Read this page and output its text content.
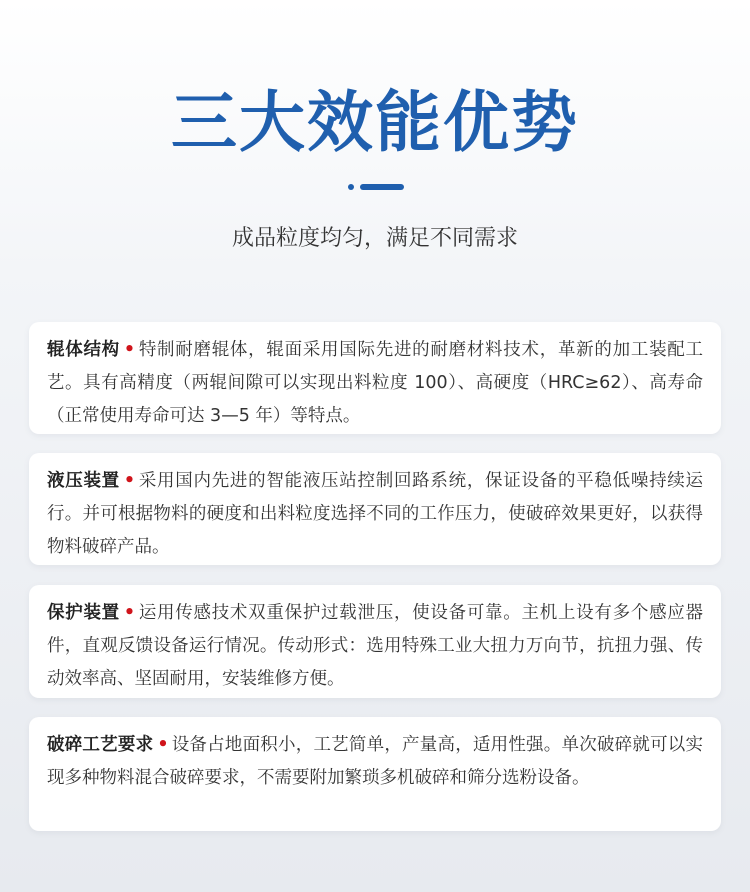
三大效能优势
成品粒度均匀，满足不同需求
辊体结构 • 特制耐磨辊体，辊面采用国际先进的耐磨材料技术，革新的加工装配工艺。具有高精度（两辊间隙可以实现出料粒度 100）、高硬度（HRC≥62）、高寿命（正常使用寿命可达 3—5 年）等特点。
液压装置 • 采用国内先进的智能液压站控制回路系统，保证设备的平稳低噪持续运行。并可根据物料的硬度和出料粒度选择不同的工作压力，使破碎效果更好，以获得物料破碎产品。
保护装置 • 运用传感技术双重保护过载泄压，使设备可靠。主机上设有多个感应器件，直观反馈设备运行情况。传动形式：选用特殊工业大扭力万向节，抗扭力强、传动效率高、坚固耐用，安装维修方便。
破碎工艺要求 • 设备占地面积小，工艺简单，产量高，适用性强。单次破碎就可以实现多种物料混合破碎要求，不需要附加繁琐多机破碎和筛分选粉设备。
